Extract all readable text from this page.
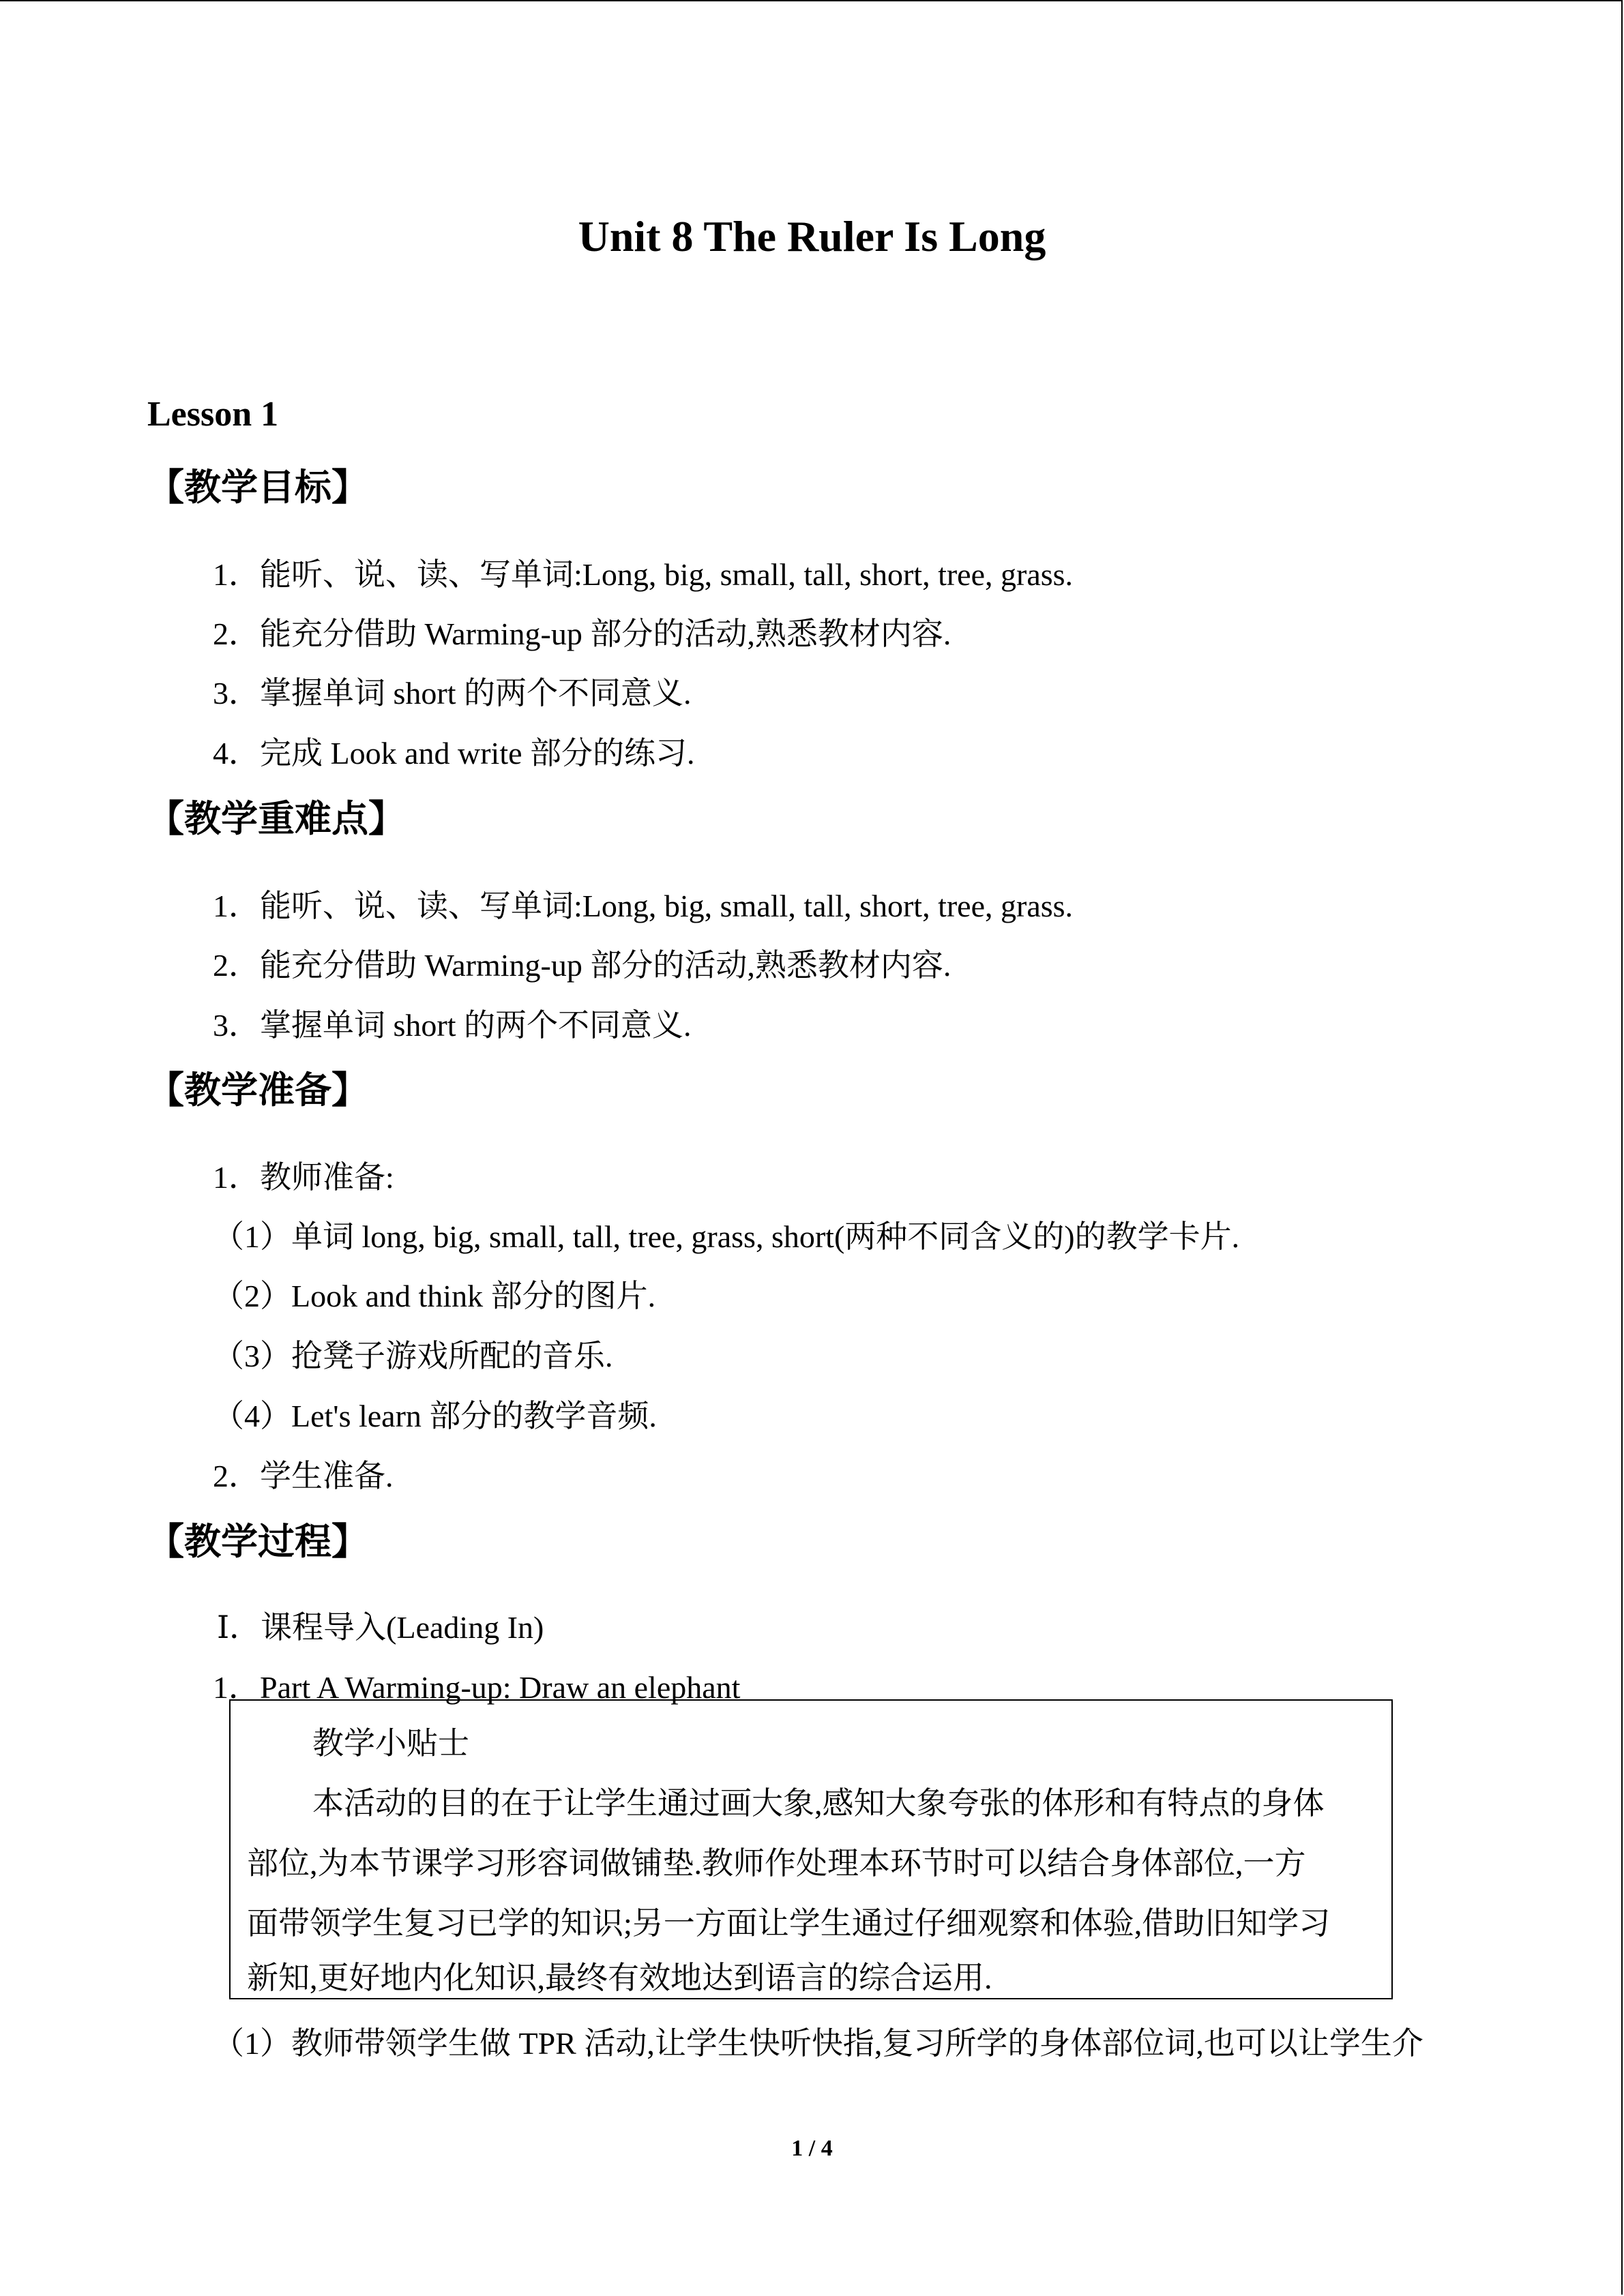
Unit 8 The Ruler Is Long
Lesson 1
【教学目标】
1．能听、说、读、写单词:Long, big, small, tall, short, tree, grass.
2．能充分借助 Warming-up 部分的活动,熟悉教材内容.
3．掌握单词 short 的两个不同意义.
4．完成 Look and write 部分的练习.
【教学重难点】
1．能听、说、读、写单词:Long, big, small, tall, short, tree, grass.
2．能充分借助 Warming-up 部分的活动,熟悉教材内容.
3．掌握单词 short 的两个不同意义.
【教学准备】
1．教师准备:
（1）单词 long, big, small, tall, tree, grass, short(两种不同含义的)的教学卡片.
（2）Look and think 部分的图片.
（3）抢凳子游戏所配的音乐.
（4）Let's learn 部分的教学音频.
2．学生准备.
【教学过程】
Ⅰ．课程导入(Leading In)
1．Part A Warming-up: Draw an elephant
教学小贴士
本活动的目的在于让学生通过画大象,感知大象夸张的体形和有特点的身体
部位,为本节课学习形容词做铺垫.教师作处理本环节时可以结合身体部位,一方
面带领学生复习已学的知识;另一方面让学生通过仔细观察和体验,借助旧知学习
新知,更好地内化知识,最终有效地达到语言的综合运用.
（1）教师带领学生做 TPR 活动,让学生快听快指,复习所学的身体部位词,也可以让学生介
1 / 4
